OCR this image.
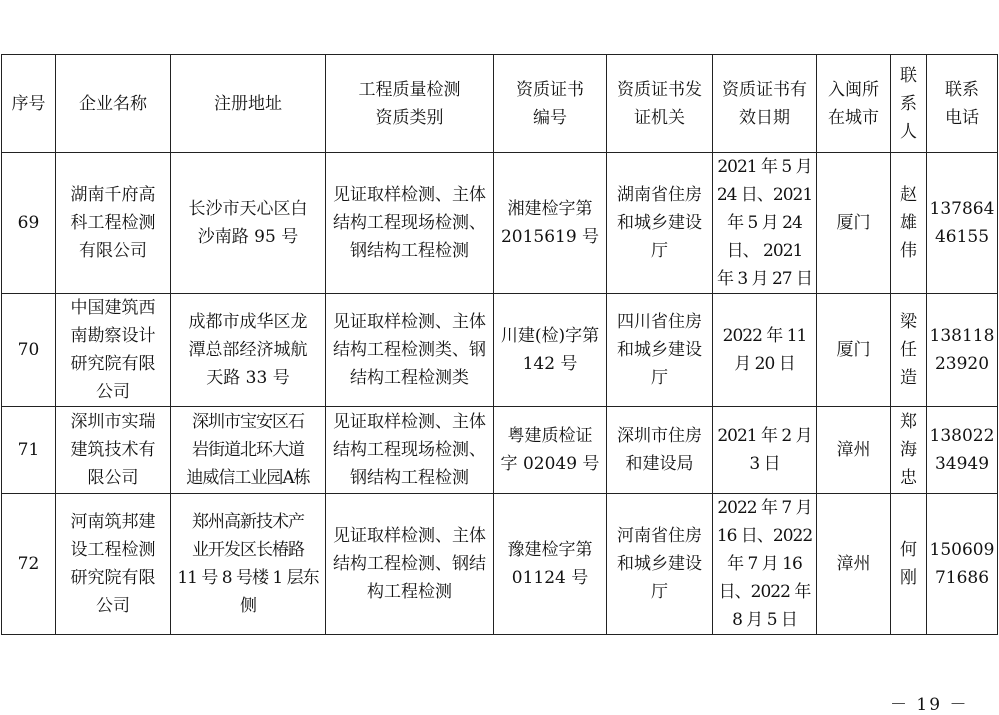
序号	企业名称	注册地址	工程质量检测
资质类别	资质证书
编号	资质证书发
证机关	资质证书有
效日期	入闽所
在城市	联
系
人	联系
电话
69	湖南千府高
科工程检测
有限公司	长沙市天心区白
沙南路 95 号	见证取样检测、主体
结构工程现场检测、
钢结构工程检测	湘建检字第
2015619 号	湖南省住房
和城乡建设
厅	2021 年 5 月
24 日、2021
年 5 月 24
日、 2021
年 3 月 27 日	厦门	赵
雄
伟	137864
46155
70	中国建筑西
南勘察设计
研究院有限
公司	成都市成华区龙
潭总部经济城航
天路 33 号	见证取样检测、主体
结构工程检测类、钢
结构工程检测类	川建(检)字第
142 号	四川省住房
和城乡建设
厅	2022 年 11
月 20 日	厦门	梁
任
造	138118
23920
71	深圳市实瑞
建筑技术有
限公司	深圳市宝安区石
岩街道北环大道
迪威信工业园A栋	见证取样检测、主体
结构工程现场检测、
钢结构工程检测	粤建质检证
字 02049 号	深圳市住房
和建设局	2021 年 2 月
3 日	漳州	郑
海
忠	138022
34949
72	河南筑邦建
设工程检测
研究院有限
公司	郑州高新技术产
业开发区长椿路
11 号 8 号楼 1 层东
侧	见证取样检测、主体
结构工程检测、钢结
构工程检测	豫建检字第
01124 号	河南省住房
和城乡建设
厅	2022 年 7 月
16 日、2022
年 7 月 16
日、2022 年
8 月 5 日	漳州	何
刚	150609
71686
－ 19 －
